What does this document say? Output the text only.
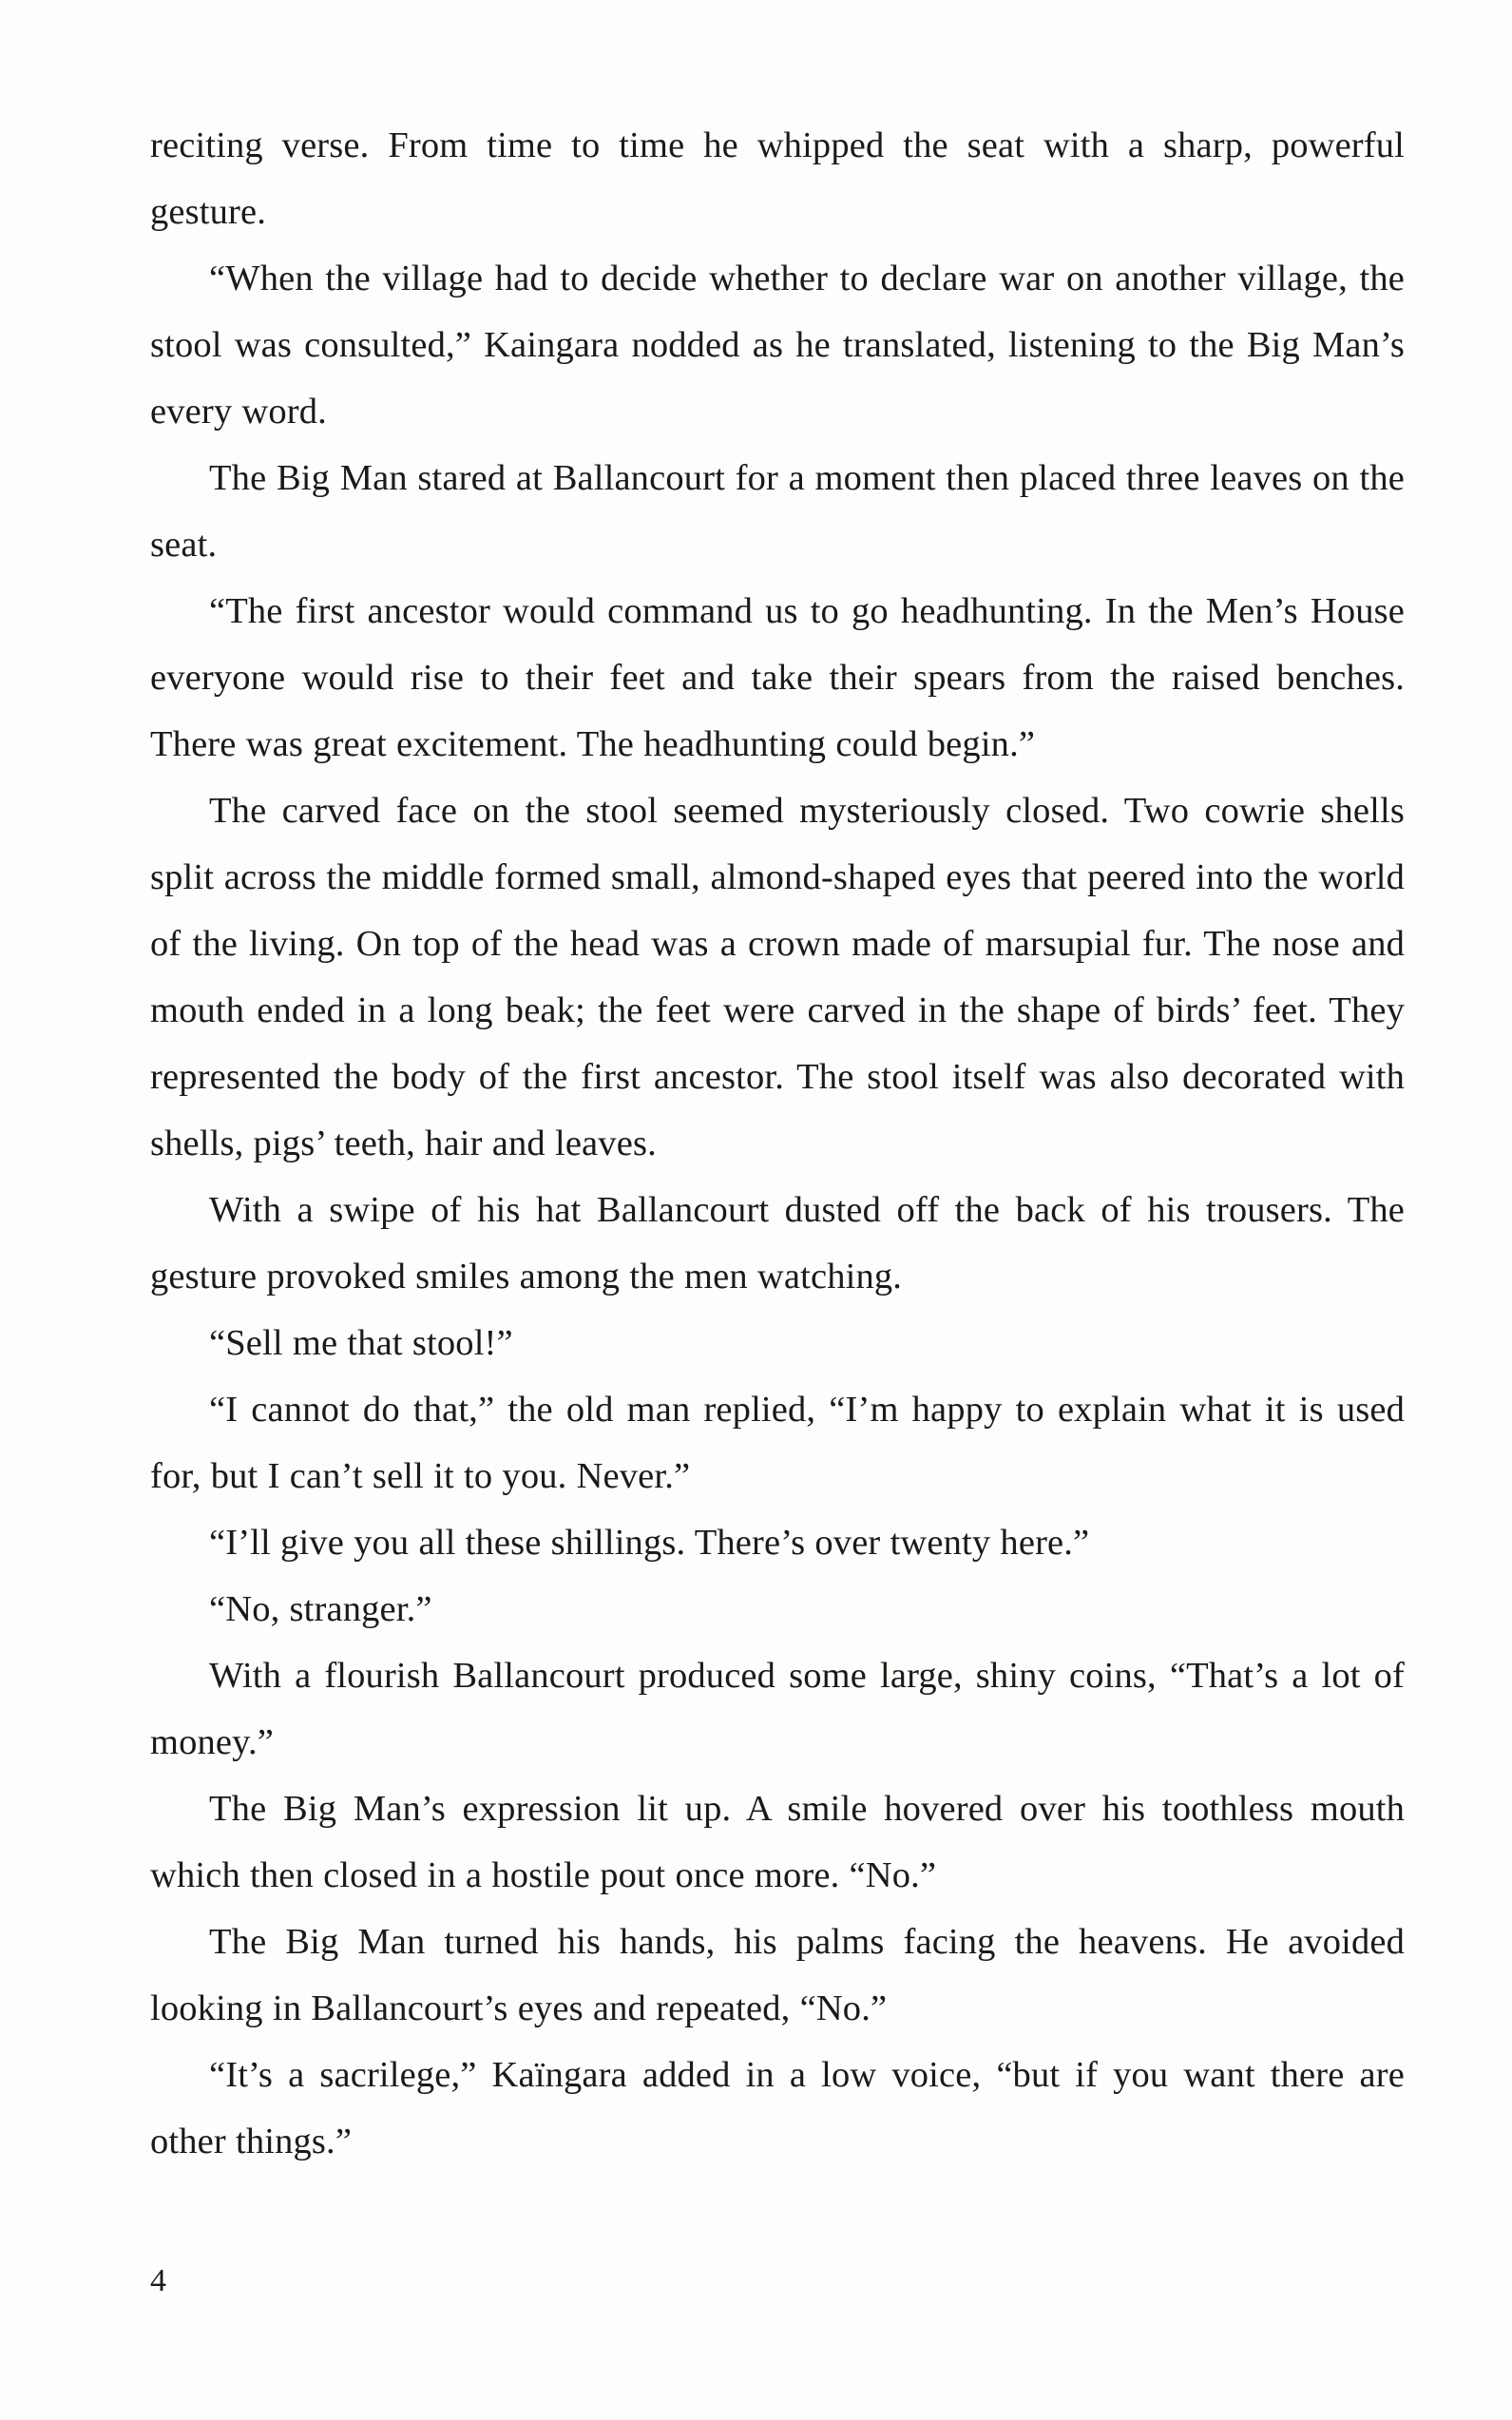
reciting verse. From time to time he whipped the seat with a sharp, powerful gesture.

“When the village had to decide whether to declare war on another village, the stool was consulted,” Kaingara nodded as he translated, listening to the Big Man’s every word.

The Big Man stared at Ballancourt for a moment then placed three leaves on the seat.

“The first ancestor would command us to go headhunting. In the Men’s House everyone would rise to their feet and take their spears from the raised benches. There was great excitement. The headhunting could begin.”

The carved face on the stool seemed mysteriously closed. Two cowrie shells split across the middle formed small, almond-shaped eyes that peered into the world of the living. On top of the head was a crown made of marsupial fur. The nose and mouth ended in a long beak; the feet were carved in the shape of birds’ feet. They represented the body of the first ancestor. The stool itself was also decorated with shells, pigs’ teeth, hair and leaves.

With a swipe of his hat Ballancourt dusted off the back of his trousers. The gesture provoked smiles among the men watching.

“Sell me that stool!”

“I cannot do that,” the old man replied, “I’m happy to explain what it is used for, but I can’t sell it to you. Never.”

“I’ll give you all these shillings. There’s over twenty here.”

“No, stranger.”

With a flourish Ballancourt produced some large, shiny coins, “That’s a lot of money.”

The Big Man’s expression lit up. A smile hovered over his toothless mouth which then closed in a hostile pout once more. “No.”

The Big Man turned his hands, his palms facing the heavens. He avoided looking in Ballancourt’s eyes and repeated, “No.”

“It’s a sacrilege,” Kaïngara added in a low voice, “but if you want there are other things.”

4
